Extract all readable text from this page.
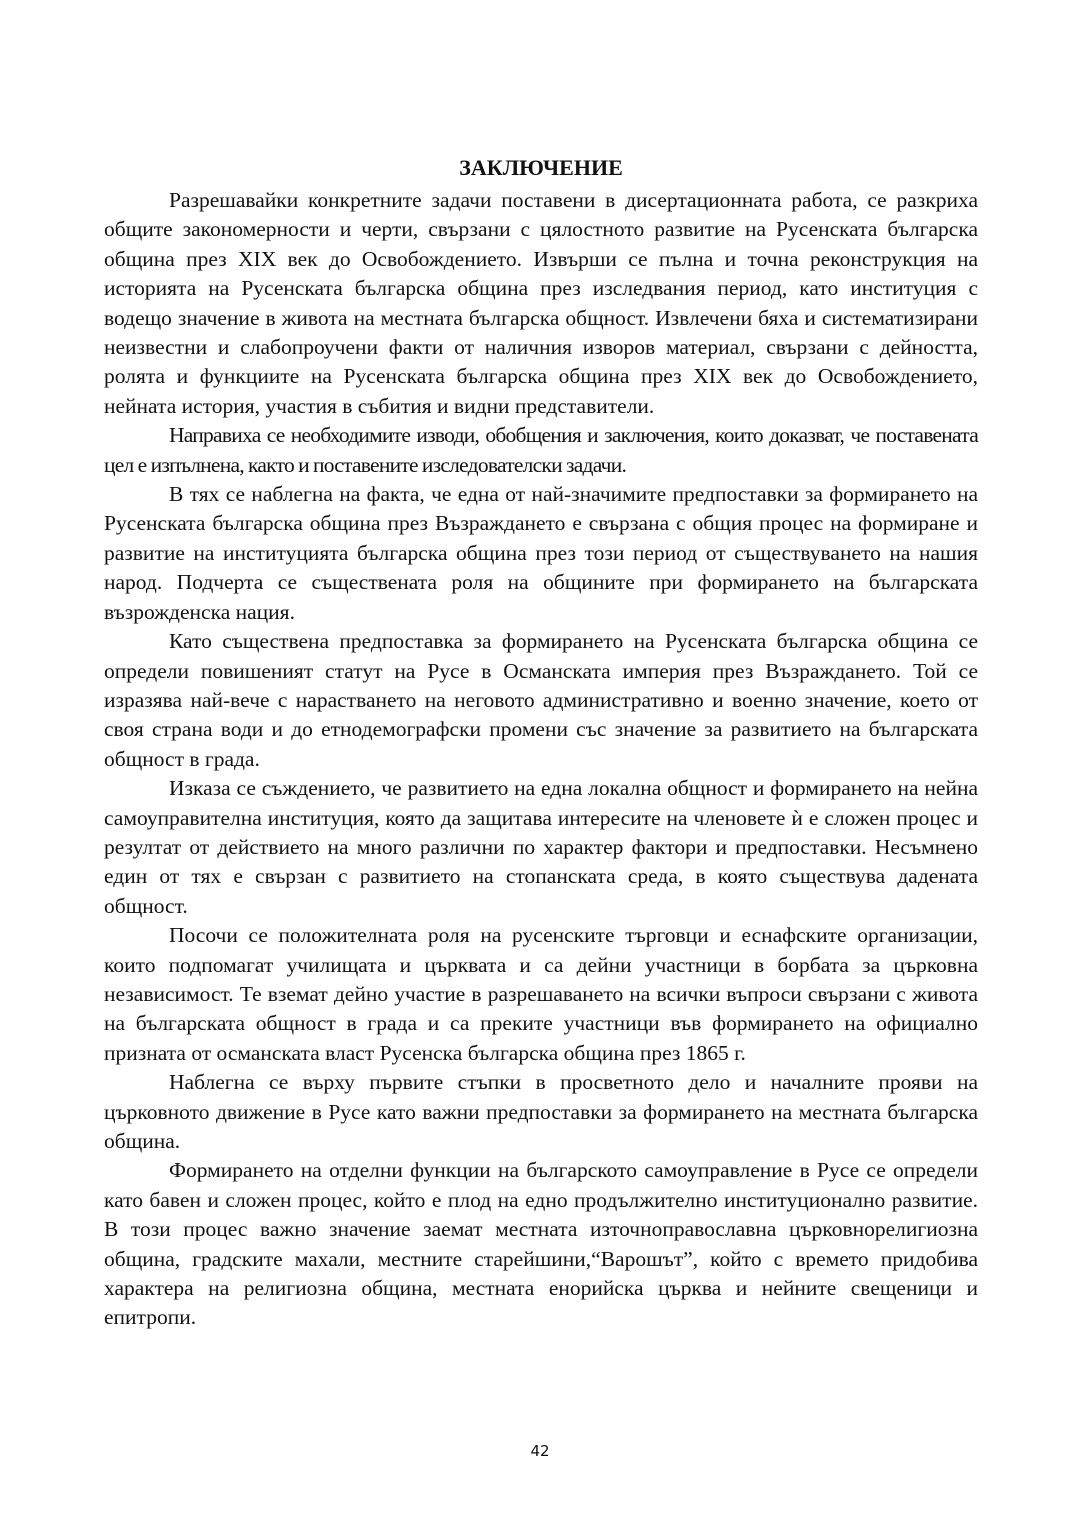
ЗАКЛЮЧЕНИЕ

Разрешавайки конкретните задачи поставени в дисертационната работа, се разкриха общите закономерности и черти, свързани с цялостното развитие на Русенската българска община през XIX век до Освобождението. Извърши се пълна и точна реконструкция на историята на Русенската българска община през изследвания период, като институция с водещо значение в живота на местната българска общност. Извлечени бяха и систематизирани неизвестни и слабопроучени факти от наличния изворов материал, свързани с дейността, ролята и функциите на Русенската българска община през XIX век до Освобождението, нейната история, участия в събития и видни представители.

Направиха се необходимите изводи, обобщения и заключения, които доказват, че поставената цел е изпълнена, както и поставените изследователски задачи.

В тях се наблегна на факта, че една от най-значимите предпоставки за формирането на Русенската българска община през Възраждането е свързана с общия процес на формиране и развитие на институцията българска община през този период от съществуването на нашия народ. Подчерта се съществената роля на общините при формирането на българската възрожденска нация.

Като съществена предпоставка за формирането на Русенската българска община се определи повишеният статут на Русе в Османската империя през Възраждането. Той се изразява най-вече с нарастването на неговото административно и военно значение, което от своя страна води и до етнодемографски промени със значение за развитието на българската общност в града.

Изказа се съждението, че развитието на една локална общност и формирането на нейна самоуправителна институция, която да защитава интересите на членовете ѝ е сложен процес и резултат от действието на много различни по характер фактори и предпоставки. Несъмнено един от тях е свързан с развитието на стопанската среда, в която съществува дадената общност.

Посочи се положителната роля на русенските търговци и еснафските организации, които подпомагат училищата и църквата и са дейни участници в борбата за църковна независимост. Те вземат дейно участие в разрешаването на всички въпроси свързани с живота на българската общност в града и са преките участници във формирането на официално призната от османската власт Русенска българска община през 1865 г.

Наблегна се върху първите стъпки в просветното дело и началните прояви на църковното движение в Русе като важни предпоставки за формирането на местната българска община.

Формирането на отделни функции на българското самоуправление в Русе се определи като бавен и сложен процес, който е плод на едно продължително институционално развитие. В този процес важно значение заемат местната източноправославна църковнорелигиозна община, градските махали, местните старейшини,“Варошът”, който с времето придобива характера на религиозна община, местната енорийска църква и нейните свещеници и епитропи.

42
